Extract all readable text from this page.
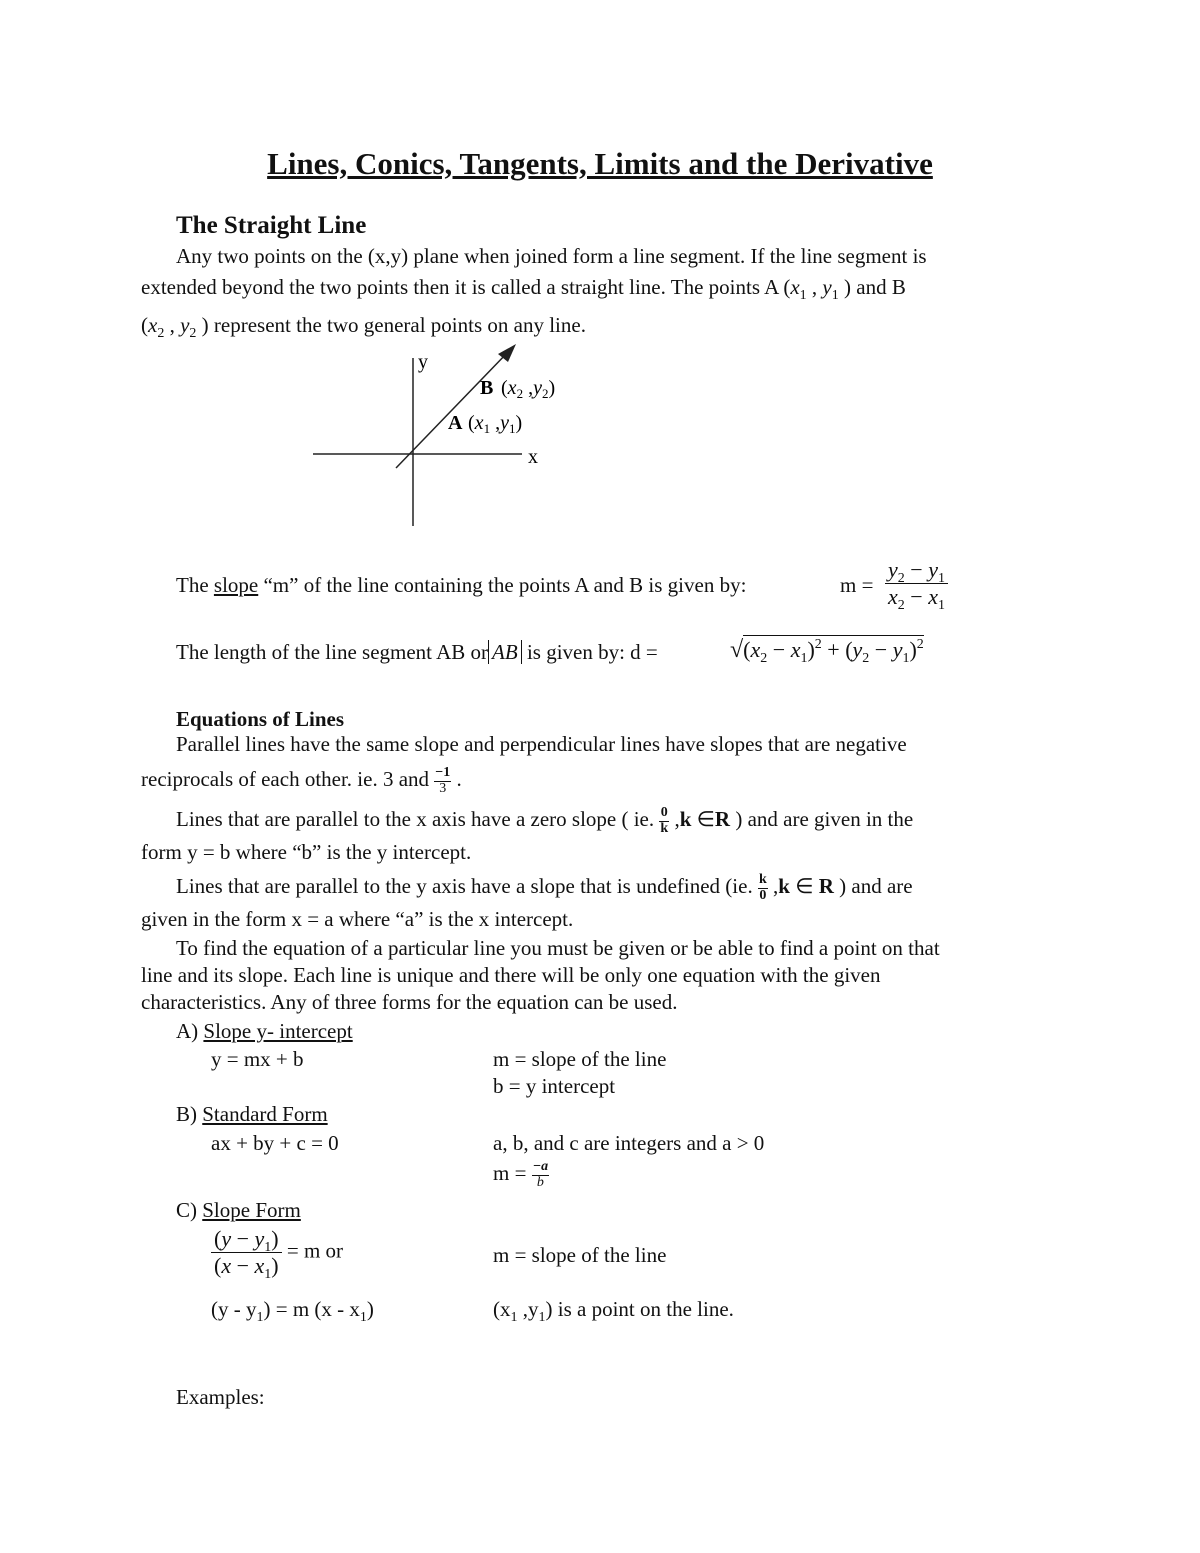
Lines, Conics, Tangents, Limits and the Derivative
The Straight Line
Any two points on the (x,y) plane when joined form a line segment. If the line segment is
extended beyond the two points then it is called a straight line. The points A ($x_1$ , $y_1$ ) and B
($x_2$ , $y_2$ ) represent the two general points on any line.
y
x
B ($x_2$ $,y_2$)
A ($x_1$ $,y_1$)
The slope “m” of the line containing the points A and B is given by:	$m = \frac{y_2 - y_1}{x_2 - x_1}$
The length of the line segment AB or AB is given by: d =	$√(x_2 - x_1)^2 + (y_2 - y_1)^2$
Equations of Lines
Parallel lines have the same slope and perpendicular lines have slopes that are negative
reciprocals of each other. ie. 3 and $\frac{-1}{3}$ .
Lines that are parallel to the x axis have a zero slope ( ie. $\frac{0}{k} ,k$ ∈R ) and are given in the
form y = b where “b” is the y intercept.
Lines that are parallel to the y axis have a slope that is undefined (ie. $\frac{k}{0} ,k$ ∈ R ) and are
given in the form x = a where “a” is the x intercept.
To find the equation of a particular line you must be given or be able to find a point on that
line and its slope. Each line is unique and there will be only one equation with the given
characteristics. Any of three forms for the equation can be used.
A) Slope y- intercept
y = mx + b	m = slope of the line
b = y intercept
B) Standard Form
ax + by + c = 0	a, b, and c are integers and a > 0
$m = \frac{-a}{b}$
C) Slope Form
$\frac{(y - y_1)}{(x - x_1)} = m$ or	m = slope of the line
$(y - y_1) = m$ $(x - x_1)$	($x_1$ $,y_1$) is a point on the line.
Examples:
